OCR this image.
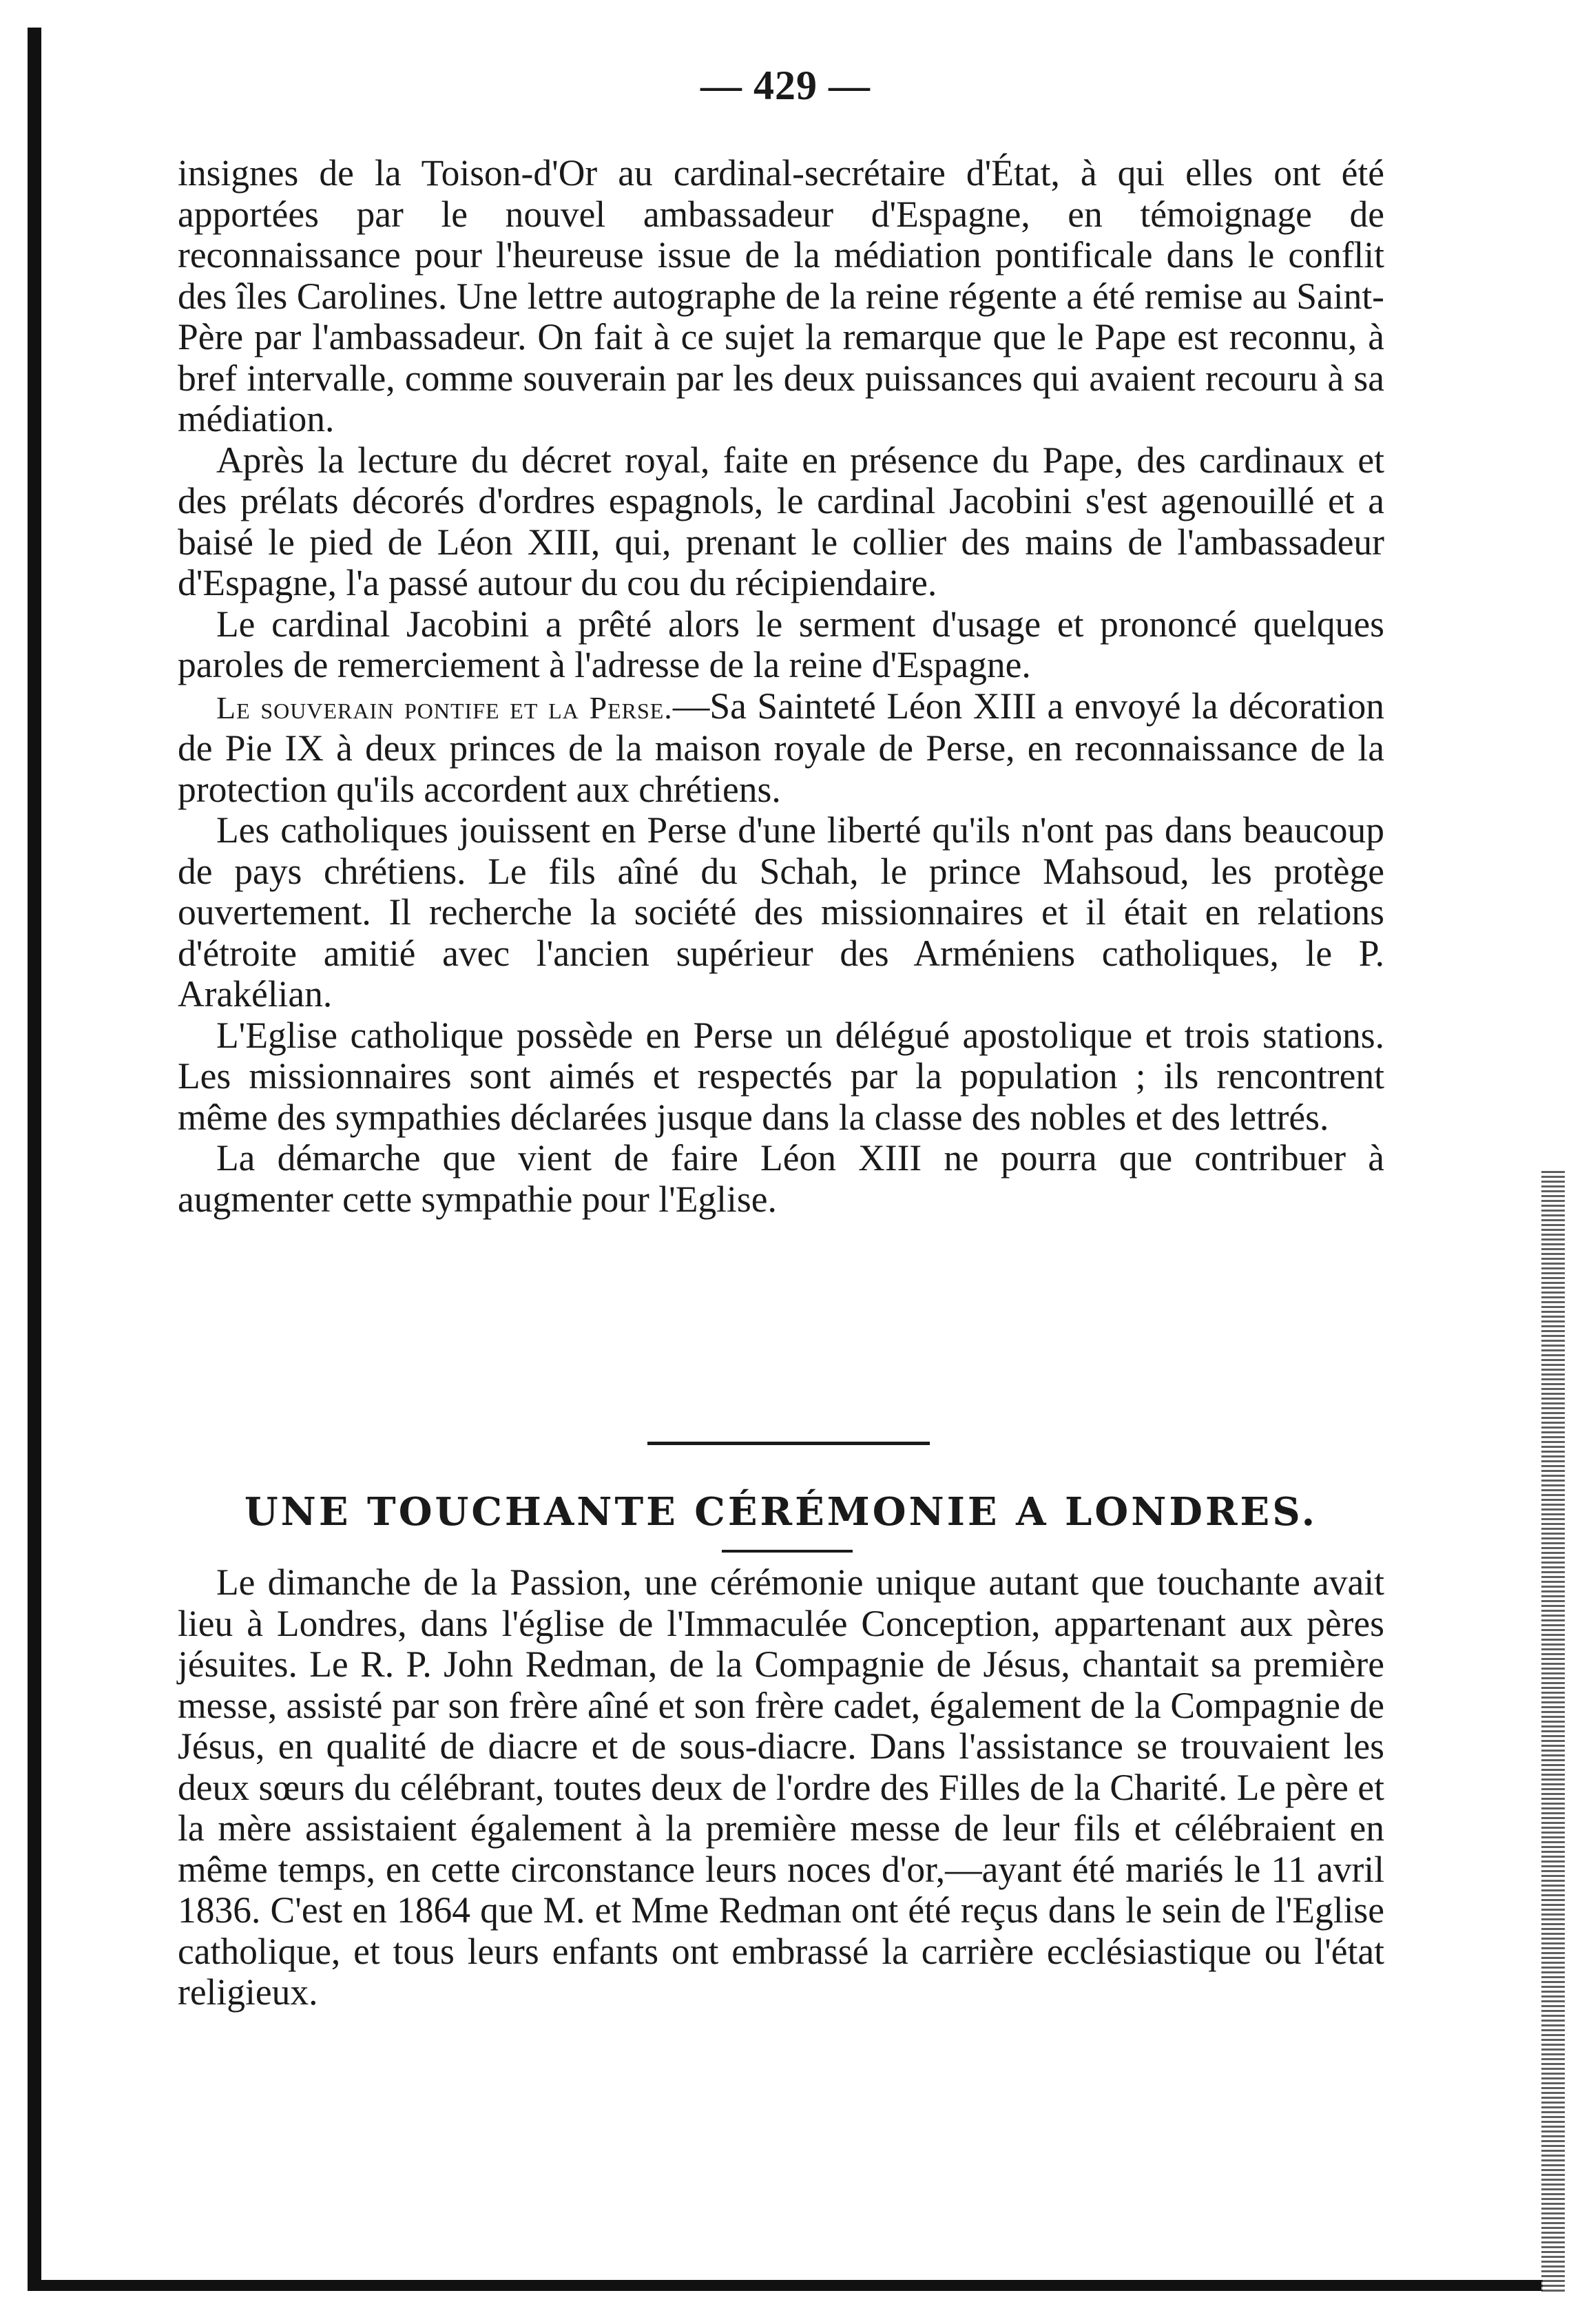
— 429 —

insignes de la Toison-d'Or au cardinal-secrétaire d'État, à qui elles ont été apportées par le nouvel ambassadeur d'Espagne, en témoignage de reconnaissance pour l'heureuse issue de la médiation pontificale dans le conflit des îles Carolines. Une lettre autographe de la reine régente a été remise au Saint-Père par l'ambassadeur. On fait à ce sujet la remarque que le Pape est reconnu, à bref intervalle, comme souverain par les deux puissances qui avaient recouru à sa médiation.

Après la lecture du décret royal, faite en présence du Pape, des cardinaux et des prélats décorés d'ordres espagnols, le cardinal Jacobini s'est agenouillé et a baisé le pied de Léon XIII, qui, prenant le collier des mains de l'ambassadeur d'Espagne, l'a passé autour du cou du récipiendaire.

Le cardinal Jacobini a prêté alors le serment d'usage et prononcé quelques paroles de remerciement à l'adresse de la reine d'Espagne.

Le souverain pontife et la Perse.—Sa Sainteté Léon XIII a envoyé la décoration de Pie IX à deux princes de la maison royale de Perse, en reconnaissance de la protection qu'ils accordent aux chrétiens.

Les catholiques jouissent en Perse d'une liberté qu'ils n'ont pas dans beaucoup de pays chrétiens. Le fils aîné du Schah, le prince Mahsoud, les protège ouvertement. Il recherche la société des missionnaires et il était en relations d'étroite amitié avec l'ancien supérieur des Arméniens catholiques, le P. Arakélian.

L'Eglise catholique possède en Perse un délégué apostolique et trois stations. Les missionnaires sont aimés et respectés par la population ; ils rencontrent même des sympathies déclarées jusque dans la classe des nobles et des lettrés.

La démarche que vient de faire Léon XIII ne pourra que contribuer à augmenter cette sympathie pour l'Eglise.

UNE TOUCHANTE CÉRÉMONIE A LONDRES.

Le dimanche de la Passion, une cérémonie unique autant que touchante avait lieu à Londres, dans l'église de l'Immaculée Conception, appartenant aux pères jésuites. Le R. P. John Redman, de la Compagnie de Jésus, chantait sa première messe, assisté par son frère aîné et son frère cadet, également de la Compagnie de Jésus, en qualité de diacre et de sous-diacre. Dans l'assistance se trouvaient les deux sœurs du célébrant, toutes deux de l'ordre des Filles de la Charité. Le père et la mère assistaient également à la première messe de leur fils et célébraient en même temps, en cette circonstance leurs noces d'or,—ayant été mariés le 11 avril 1836. C'est en 1864 que M. et Mme Redman ont été reçus dans le sein de l'Eglise catholique, et tous leurs enfants ont embrassé la carrière ecclésiastique ou l'état religieux.
